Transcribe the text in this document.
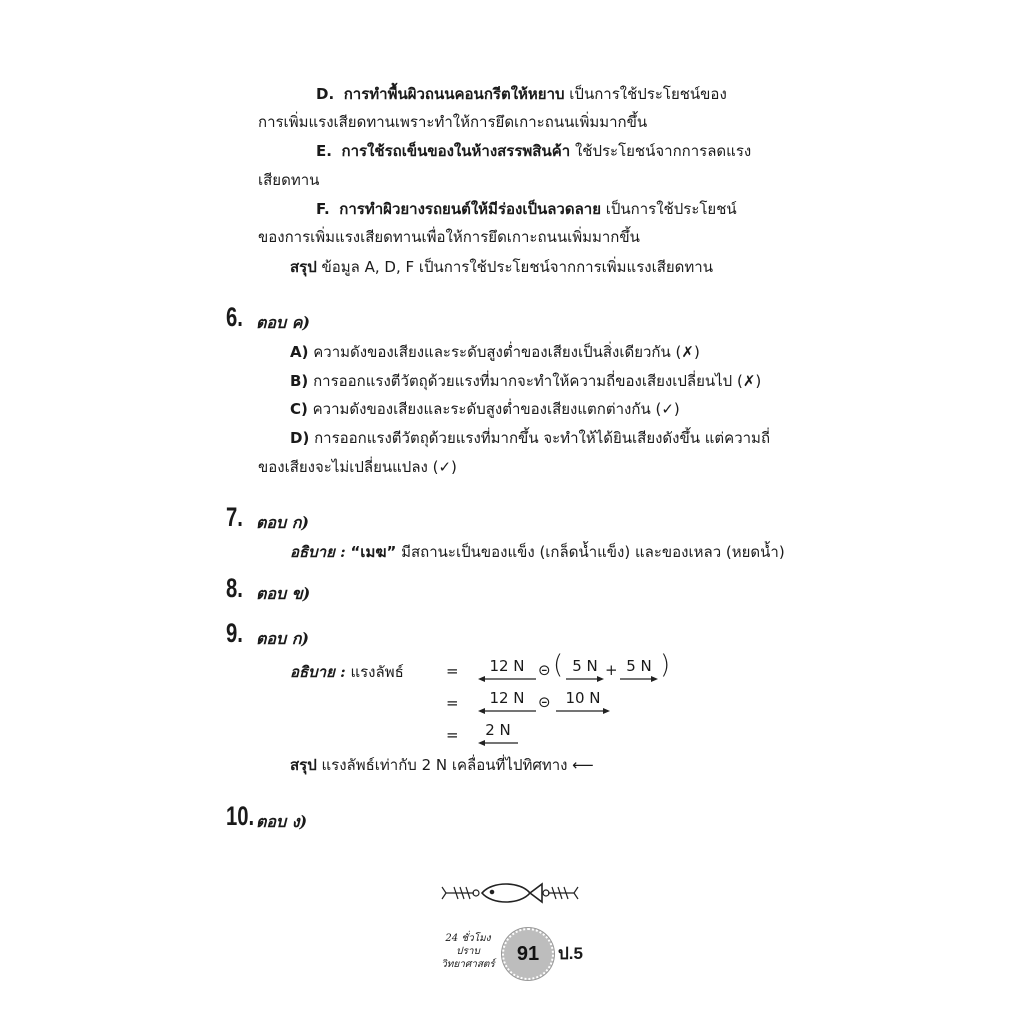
D. การทำพื้นผิวถนนคอนกรีตให้หยาบ เป็นการใช้ประโยชน์ของ
การเพิ่มแรงเสียดทานเพราะทำให้การยึดเกาะถนนเพิ่มมากขึ้น
E. การใช้รถเข็นของในห้างสรรพสินค้า ใช้ประโยชน์จากการลดแรง
เสียดทาน
F. การทำผิวยางรถยนต์ให้มีร่องเป็นลวดลาย เป็นการใช้ประโยชน์
ของการเพิ่มแรงเสียดทานเพื่อให้การยึดเกาะถนนเพิ่มมากขึ้น
สรุป ข้อมูล A, D, F เป็นการใช้ประโยชน์จากการเพิ่มแรงเสียดทาน
6. ตอบ ค)
A) ความดังของเสียงและระดับสูงต่ำของเสียงเป็นสิ่งเดียวกัน (✗)
B) การออกแรงตีวัตถุด้วยแรงที่มากจะทำให้ความถี่ของเสียงเปลี่ยนไป (✗)
C) ความดังของเสียงและระดับสูงต่ำของเสียงแตกต่างกัน (✓)
D) การออกแรงตีวัตถุด้วยแรงที่มากขึ้น จะทำให้ได้ยินเสียงดังขึ้น แต่ความถี่
ของเสียงจะไม่เปลี่ยนแปลง (✓)
7. ตอบ ก)
อธิบาย : “เมฆ” มีสถานะเป็นของแข็ง (เกล็ดน้ำแข็ง) และของเหลว (หยดน้ำ)
8. ตอบ ข)
9. ตอบ ก)
อธิบาย : แรงลัพธ์	=	12 N ⊝ ( 5 N + 5 N )
=	12 N ⊝ 10 N
=	2 N
สรุป แรงลัพธ์เท่ากับ 2 N เคลื่อนที่ไปทิศทาง ⟵
10. ตอบ ง)
24 ชั่วโมง
ปราบ
วิทยาศาสตร์ 91 ป.5
